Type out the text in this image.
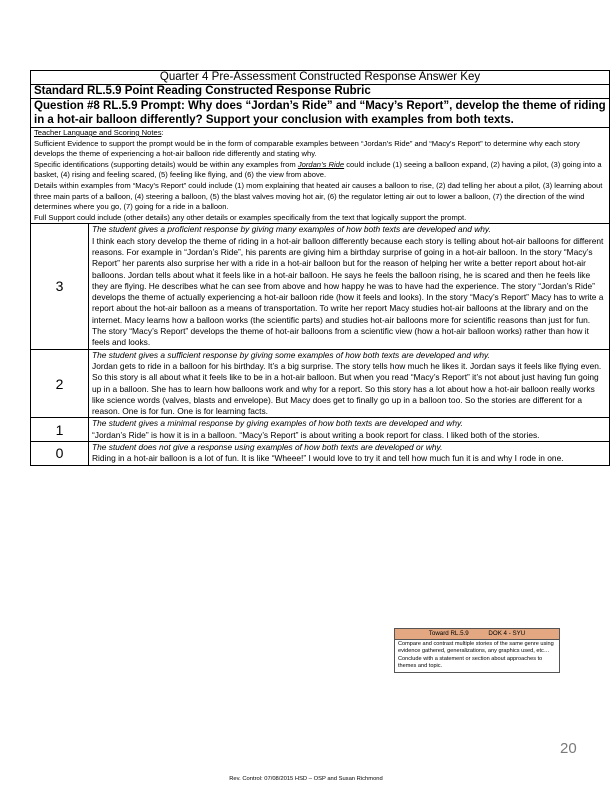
Quarter 4 Pre-Assessment Constructed Response Answer Key	
Standard RL.5.9 Point Reading Constructed Response Rubric	
Question #8 RL.5.9 Prompt: Why does “Jordan’s Ride” and “Macy’s Report”, develop the theme of riding in a hot-air balloon differently? Support your conclusion with examples from both texts.	

Teacher Language and Scoring Notes:
Sufficient Evidence to support the prompt would be in the form of comparable examples between “Jordan’s Ride” and “Macy’s Report” to determine why each story develops the theme of experiencing a hot-air balloon ride differently and stating why.
Specific identifications (supporting details) would be within any examples from Jordan’s Ride could include (1) seeing a balloon expand, (2) having a pilot, (3) going into a basket, (4) rising and feeling scared, (5) feeling like flying, and (6) the view from above.
Details within examples from “Macy’s Report” could include (1) mom explaining that heated air causes a balloon to rise, (2) dad telling her about a pilot, (3) learning about three main parts of a balloon, (4) steering a balloon, (5) the blast valves moving hot air, (6) the regulator letting air out to lower a balloon, (7) the direction of the wind determines where you go, (7) going for a ride in a balloon.
Full Support could include (other details) any other details or examples specifically from the text that logically support the prompt.	

3	The student gives a proficient response by giving many examples of how both texts are developed and why.
I think each story develop the theme of riding in a hot-air balloon differently because each story is telling about hot-air balloons for different reasons. For example in “Jordan’s Ride”, his parents are giving him a birthday surprise of going in a hot-air balloon. In the story “Macy’s Report” her parents also surprise her with a ride in a hot-air balloon but for the reason of helping her write a better report about hot-air balloons. Jordan tells about what it feels like in a hot-air balloon. He says he feels the balloon rising, he is scared and then he feels like they are flying. He describes what he can see from above and how happy he was to have had the experience. The story “Jordan’s Ride” develops the theme of actually experiencing a hot-air balloon ride (how it feels and looks). In the story “Macy’s Report” Macy has to write a report about the hot-air balloon as a means of transportation. To write her report Macy studies hot-air balloons at the library and on the internet. Macy learns how a balloon works (the scientific parts) and studies hot-air balloons more for scientific reasons than just for fun. The story “Macy’s Report” develops the theme of hot-air balloons from a scientific view (how a hot-air balloon works) rather than how it feels and looks.
2	The student gives a sufficient response by giving some examples of how both texts are developed and why.
Jordan gets to ride in a balloon for his birthday. It’s a big surprise. The story tells how much he likes it. Jordan says it feels like flying even. So this story is all about what it feels like to be in a hot-air balloon. But when you read “Macy’s Report” it’s not about just having fun going up in a balloon. She has to learn how balloons work and why for a report. So this story has a lot about how a hot-air balloon really works like science words (valves, blasts and envelope). But Macy does get to finally go up in a balloon too. So the stories are different for a reason. One is for fun. One is for learning facts.
1	The student gives a minimal response by giving examples of how both texts are developed and why.
“Jordan’s Ride” is how it is in a balloon. “Macy’s Report” is about writing a book report for class. I liked both of the stories.
0	The student does not give a response using examples of how both texts are developed or why.
Riding in a hot-air balloon is a lot of fun. It is like “Wheee!” I would love to try it and tell how much fun it is and why I rode in one.
Toward RL.5.9	DOK 4 - SYU
Compare and contrast multiple stories of the same genre using evidence gathered, generalizations, any graphics used, etc…Conclude with a statement or section about approaches to themes and topic.
20
Rev. Control: 07/08/2015 HSD – OSP and Susan Richmond
